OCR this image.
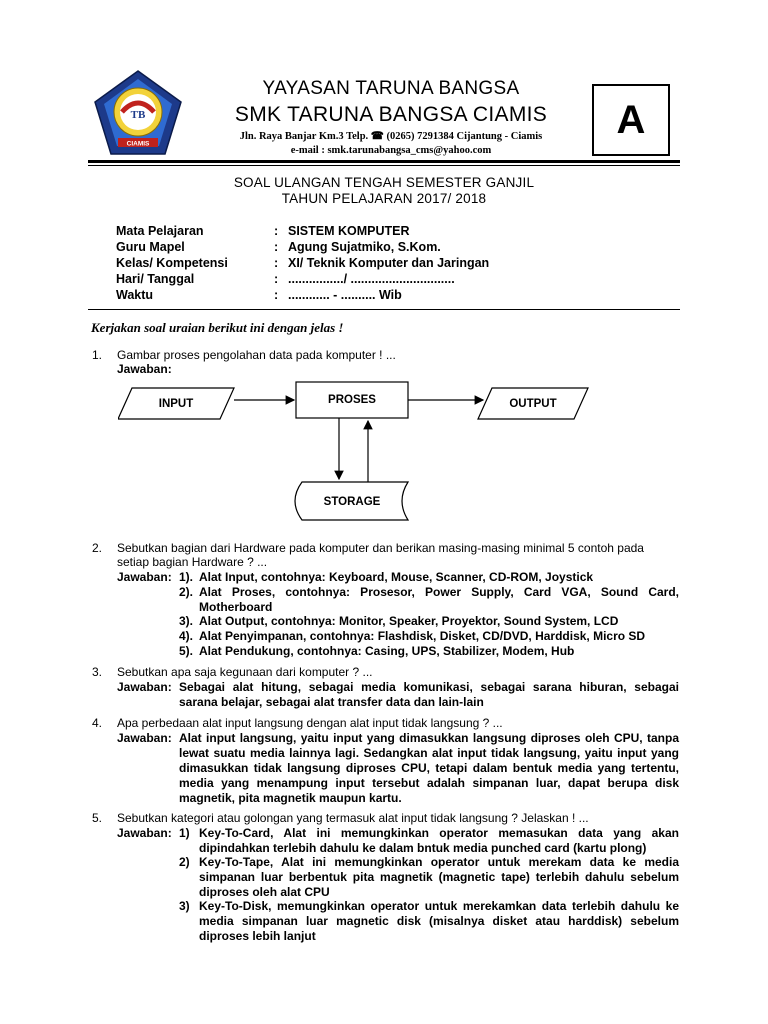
TB
CIAMIS
YAYASAN TARUNA BANGSA
SMK TARUNA BANGSA CIAMIS
Jln. Raya Banjar Km.3 Telp. ☎ (0265) 7291384 Cijantung - Ciamis
e-mail : smk.tarunabangsa_cms@yahoo.com
A
SOAL ULANGAN TENGAH SEMESTER GANJIL
TAHUN PELAJARAN 2017/ 2018
Mata Pelajaran	: SISTEM KOMPUTER
Guru Mapel	: Agung Sujatmiko, S.Kom.
Kelas/ Kompetensi	: XI/ Teknik Komputer dan Jaringan
Hari/ Tanggal	: ................/ ..............................
Waktu	: ............ - .......... Wib
Kerjakan soal uraian berikut ini dengan jelas !
1.	Gambar proses pengolahan data pada komputer ! ...
Jawaban:
INPUT	PROSES	OUTPUT
STORAGE
2.	Sebutkan bagian dari Hardware pada komputer dan berikan masing-masing minimal 5 contoh pada
setiap bagian Hardware ? ...
Jawaban: 1). Alat Input, contohnya: Keyboard, Mouse, Scanner, CD-ROM, Joystick
2). Alat Proses, contohnya: Prosesor, Power Supply, Card VGA, Sound Card, Motherboard
3). Alat Output, contohnya: Monitor, Speaker, Proyektor, Sound System, LCD
4). Alat Penyimpanan, contohnya: Flashdisk, Disket, CD/DVD, Harddisk, Micro SD
5). Alat Pendukung, contohnya: Casing, UPS, Stabilizer, Modem, Hub
3.	Sebutkan apa saja kegunaan dari komputer ? ...
Jawaban: Sebagai alat hitung, sebagai media komunikasi, sebagai sarana hiburan, sebagai sarana belajar, sebagai alat transfer data dan lain-lain
4.	Apa perbedaan alat input langsung dengan alat input tidak langsung ? ...
Jawaban: Alat input langsung, yaitu input yang dimasukkan langsung diproses oleh CPU, tanpa lewat suatu media lainnya lagi. Sedangkan alat input tidak langsung, yaitu input yang dimasukkan tidak langsung diproses CPU, tetapi dalam bentuk media yang tertentu, media yang menampung input tersebut adalah simpanan luar, dapat berupa disk magnetik, pita magnetik maupun kartu.
5.	Sebutkan kategori atau golongan yang termasuk alat input tidak langsung ? Jelaskan ! ...
Jawaban: 1) Key-To-Card, Alat ini memungkinkan operator memasukan data yang akan dipindahkan terlebih dahulu ke dalam bntuk media punched card (kartu plong)
2) Key-To-Tape, Alat ini memungkinkan operator untuk merekam data ke media simpanan luar berbentuk pita magnetik (magnetic tape) terlebih dahulu sebelum diproses oleh alat CPU
3) Key-To-Disk, memungkinkan operator untuk merekamkan data terlebih dahulu ke media simpanan luar magnetic disk (misalnya disket atau harddisk) sebelum diproses lebih lanjut
